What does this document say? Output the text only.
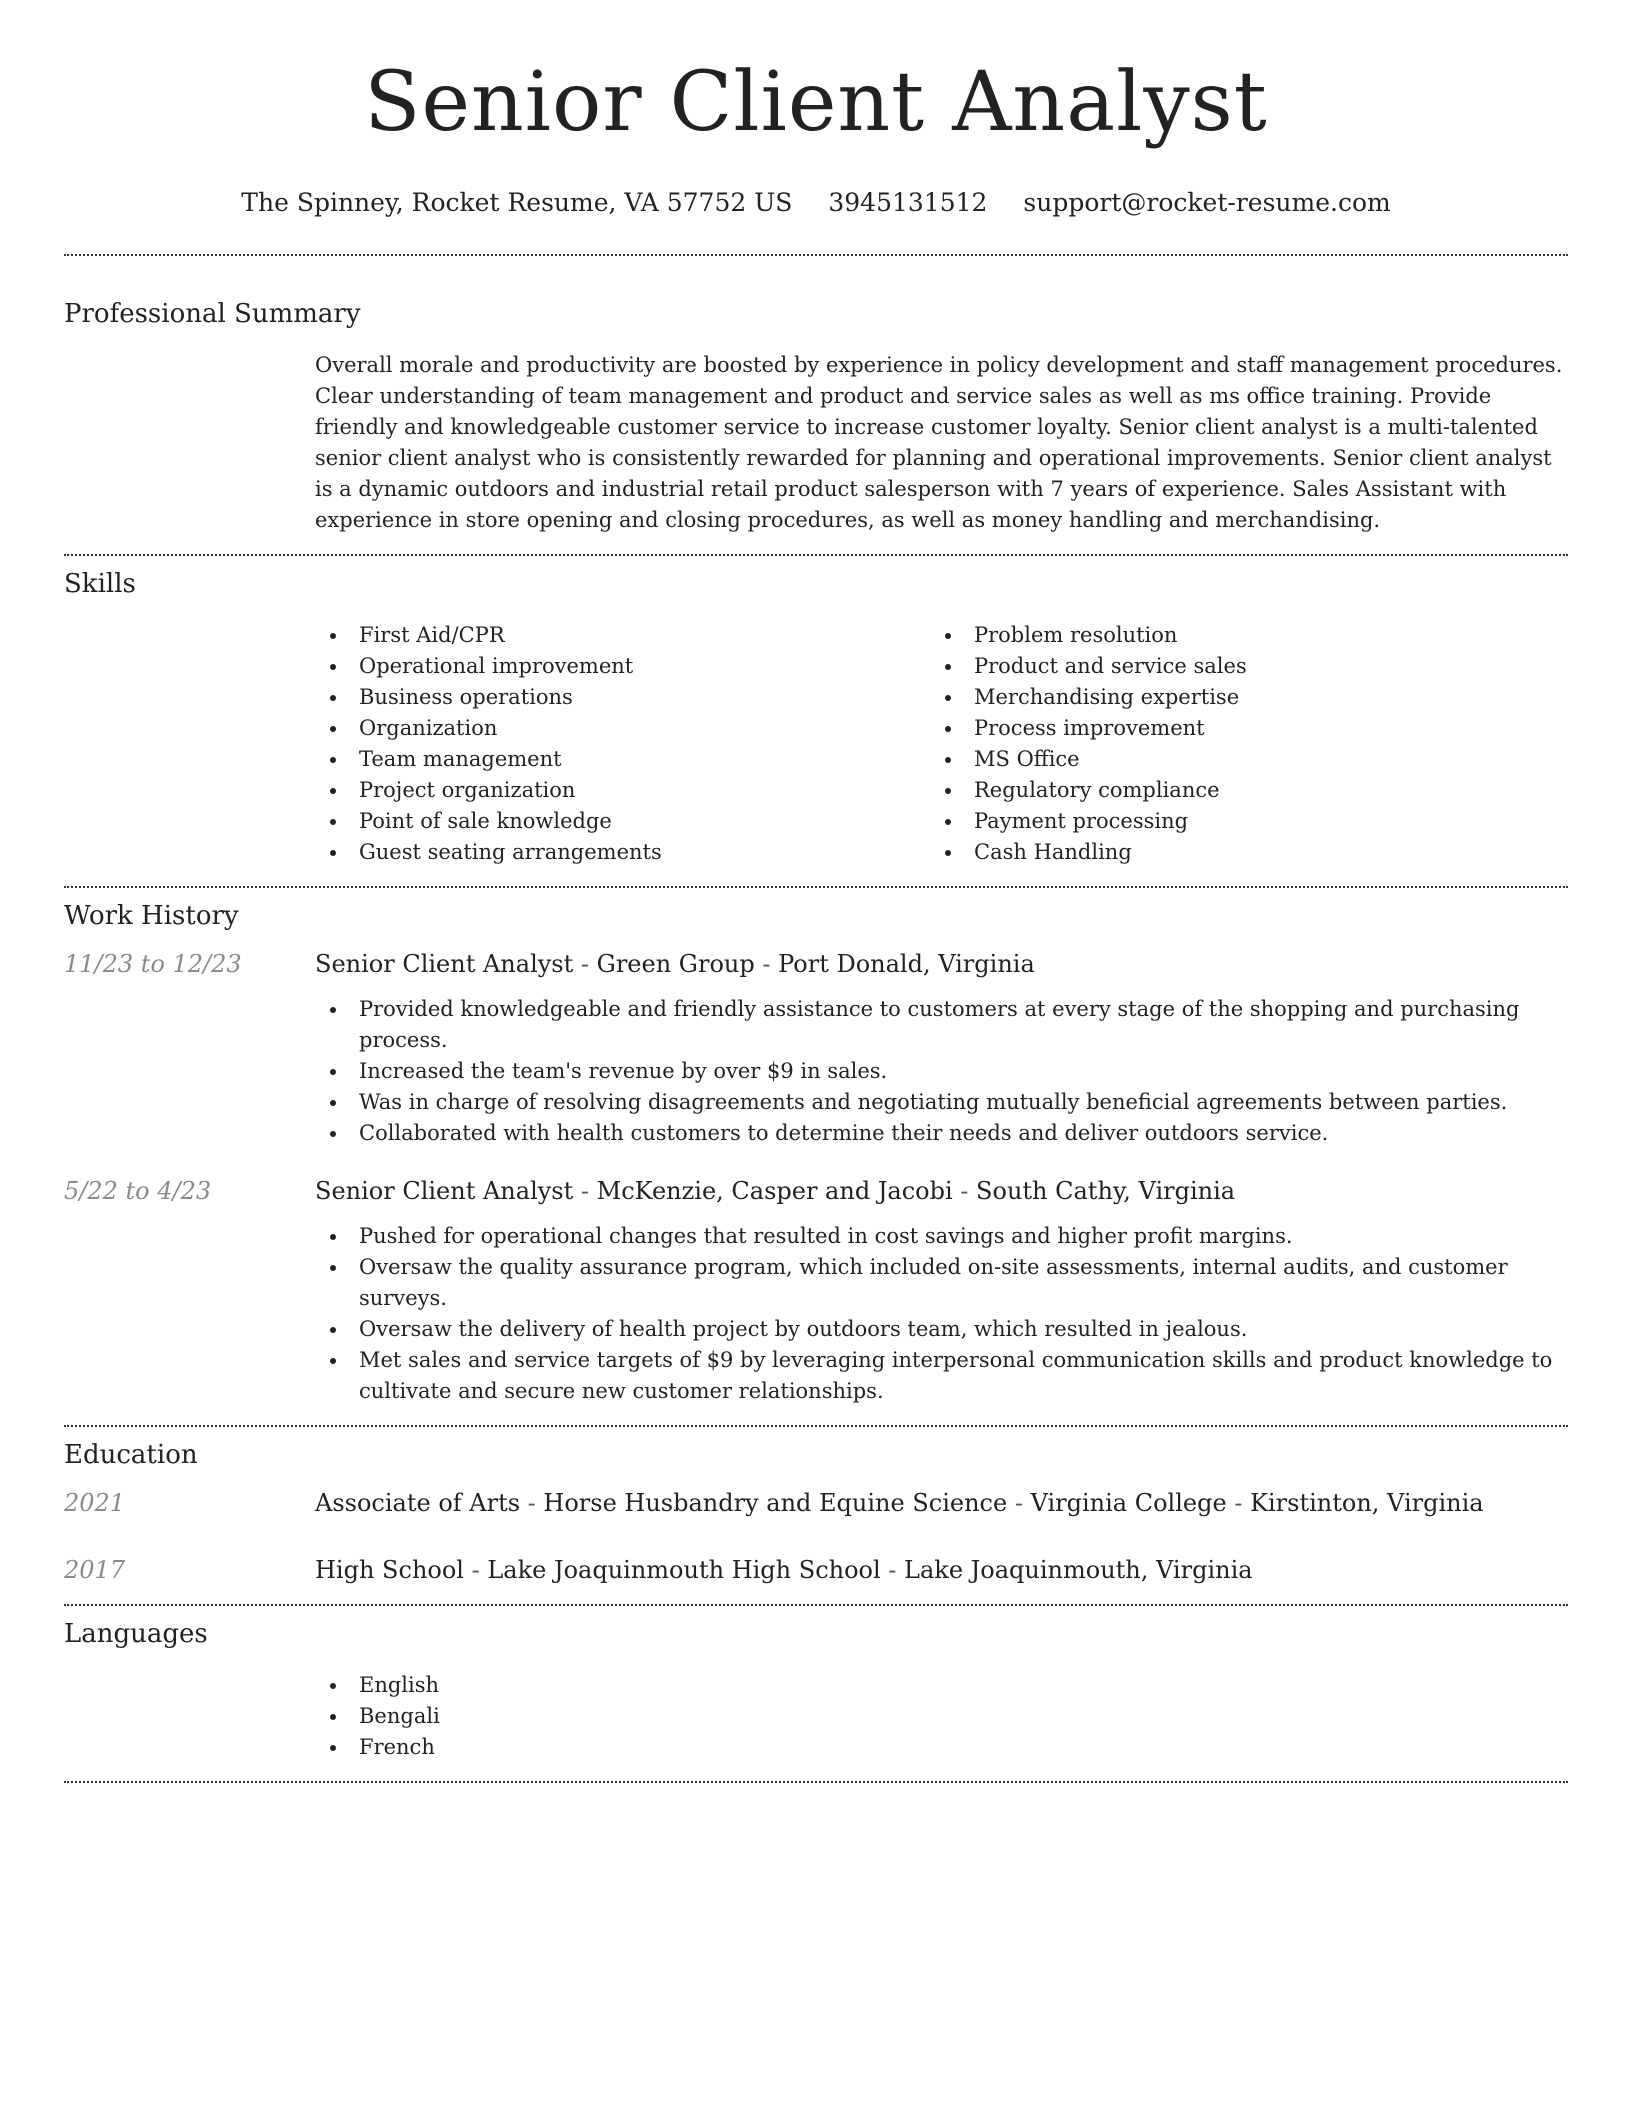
Senior Client Analyst
The Spinney, Rocket Resume, VA 57752 US 3945131512 support@rocket-resume.com
Professional Summary

Overall morale and productivity are boosted by experience in policy development and staff management procedures. Clear understanding of team management and product and service sales as well as ms office training. Provide friendly and knowledgeable customer service to increase customer loyalty. Senior client analyst is a multi-talented senior client analyst who is consistently rewarded for planning and operational improvements. Senior client analyst is a dynamic outdoors and industrial retail product salesperson with 7 years of experience. Sales Assistant with experience in store opening and closing procedures, as well as money handling and merchandising.

Skills
First Aid/CPR
Operational improvement
Business operations
Organization
Team management
Project organization
Point of sale knowledge
Guest seating arrangements
Problem resolution
Product and service sales
Merchandising expertise
Process improvement
MS Office
Regulatory compliance
Payment processing
Cash Handling
Work History
11/23 to 12/23	Senior Client Analyst - Green Group - Port Donald, Virginia
Provided knowledgeable and friendly assistance to customers at every stage of the shopping and purchasing process.
Increased the team's revenue by over $9 in sales.
Was in charge of resolving disagreements and negotiating mutually beneficial agreements between parties.
Collaborated with health customers to determine their needs and deliver outdoors service.
5/22 to 4/23	Senior Client Analyst - McKenzie, Casper and Jacobi - South Cathy, Virginia
Pushed for operational changes that resulted in cost savings and higher profit margins.
Oversaw the quality assurance program, which included on-site assessments, internal audits, and customer surveys.
Oversaw the delivery of health project by outdoors team, which resulted in jealous.
Met sales and service targets of $9 by leveraging interpersonal communication skills and product knowledge to cultivate and secure new customer relationships.
Education
2021	Associate of Arts - Horse Husbandry and Equine Science - Virginia College - Kirstinton, Virginia
2017	High School - Lake Joaquinmouth High School - Lake Joaquinmouth, Virginia
Languages
English
Bengali
French
